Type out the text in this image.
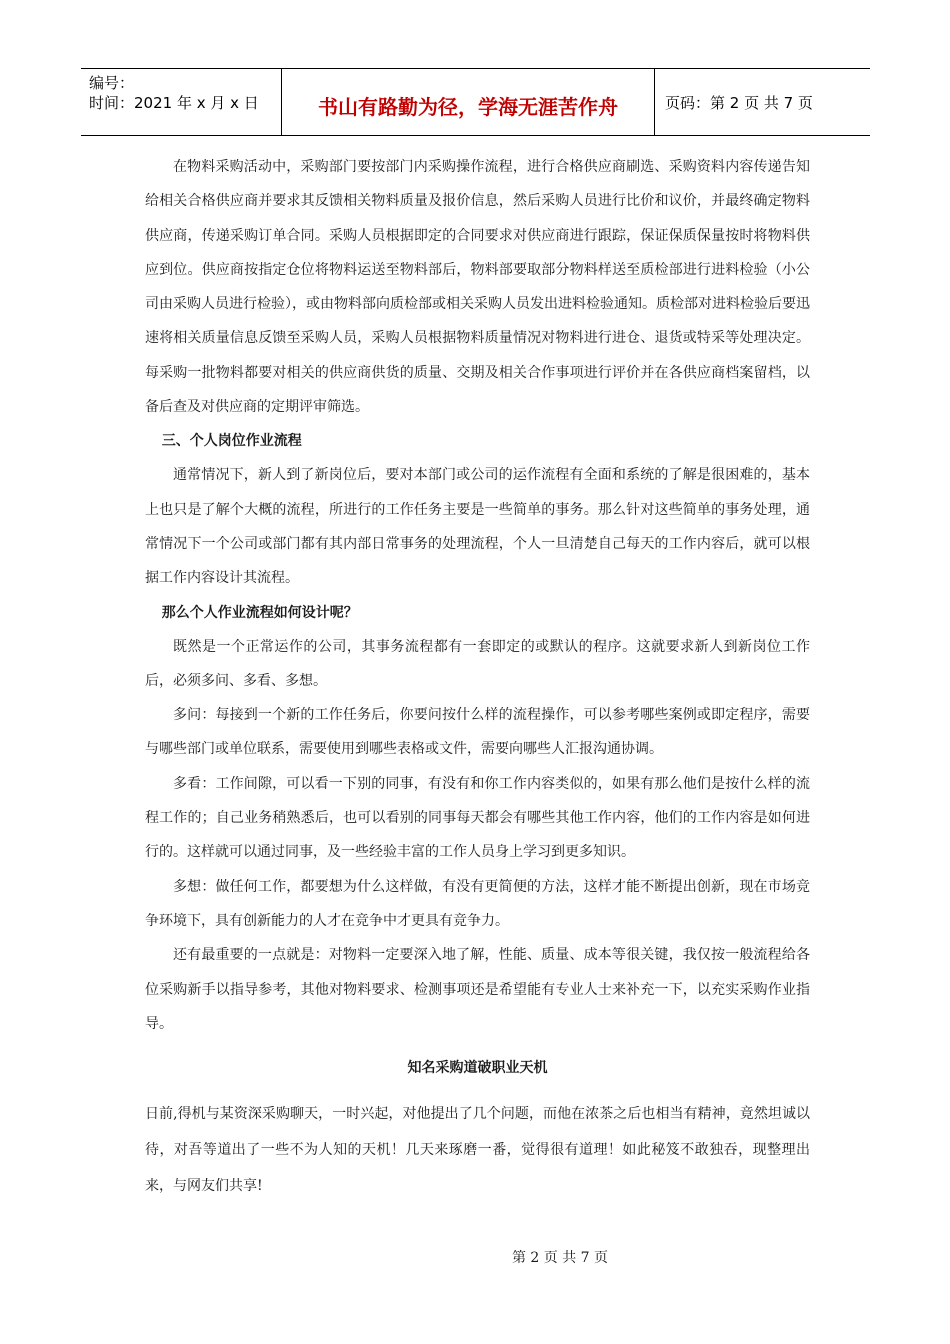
编号：
时间：2021 年 x 月 x 日	书山有路勤为径，学海无涯苦作舟	页码：第 2 页 共 7 页

在物料采购活动中，采购部门要按部门内采购操作流程，进行合格供应商刷选、采购资料内容传递告知给相关合格供应商并要求其反馈相关物料质量及报价信息，然后采购人员进行比价和议价，并最终确定物料供应商，传递采购订单合同。采购人员根据即定的合同要求对供应商进行跟踪，保证保质保量按时将物料供应到位。供应商按指定仓位将物料运送至物料部后，物料部要取部分物料样送至质检部进行进料检验（小公司由采购人员进行检验），或由物料部向质检部或相关采购人员发出进料检验通知。质检部对进料检验后要迅速将相关质量信息反馈至采购人员，采购人员根据物料质量情况对物料进行进仓、退货或特采等处理决定。每采购一批物料都要对相关的供应商供货的质量、交期及相关合作事项进行评价并在各供应商档案留档，以备后查及对供应商的定期评审筛选。

三、个人岗位作业流程

通常情况下，新人到了新岗位后，要对本部门或公司的运作流程有全面和系统的了解是很困难的，基本上也只是了解个大概的流程，所进行的工作任务主要是一些简单的事务。那么针对这些简单的事务处理，通常情况下一个公司或部门都有其内部日常事务的处理流程，个人一旦清楚自己每天的工作内容后，就可以根据工作内容设计其流程。

那么个人作业流程如何设计呢？

既然是一个正常运作的公司，其事务流程都有一套即定的或默认的程序。这就要求新人到新岗位工作后，必须多问、多看、多想。

多问：每接到一个新的工作任务后，你要问按什么样的流程操作，可以参考哪些案例或即定程序，需要与哪些部门或单位联系，需要使用到哪些表格或文件，需要向哪些人汇报沟通协调。

多看：工作间隙，可以看一下别的同事，有没有和你工作内容类似的，如果有那么他们是按什么样的流程工作的；自己业务稍熟悉后，也可以看别的同事每天都会有哪些其他工作内容，他们的工作内容是如何进行的。这样就可以通过同事，及一些经验丰富的工作人员身上学习到更多知识。

多想：做任何工作，都要想为什么这样做，有没有更简便的方法，这样才能不断提出创新，现在市场竞争环境下，具有创新能力的人才在竞争中才更具有竞争力。

还有最重要的一点就是：对物料一定要深入地了解，性能、质量、成本等很关键，我仅按一般流程给各位采购新手以指导参考，其他对物料要求、检测事项还是希望能有专业人士来补充一下，以充实采购作业指导。

知名采购道破职业天机

日前,得机与某资深采购聊天，一时兴起，对他提出了几个问题，而他在浓茶之后也相当有精神，竟然坦诚以待，对吾等道出了一些不为人知的天机！几天来琢磨一番，觉得很有道理！如此秘笈不敢独吞，现整理出来，与网友们共享!

第 2 页 共 7 页
